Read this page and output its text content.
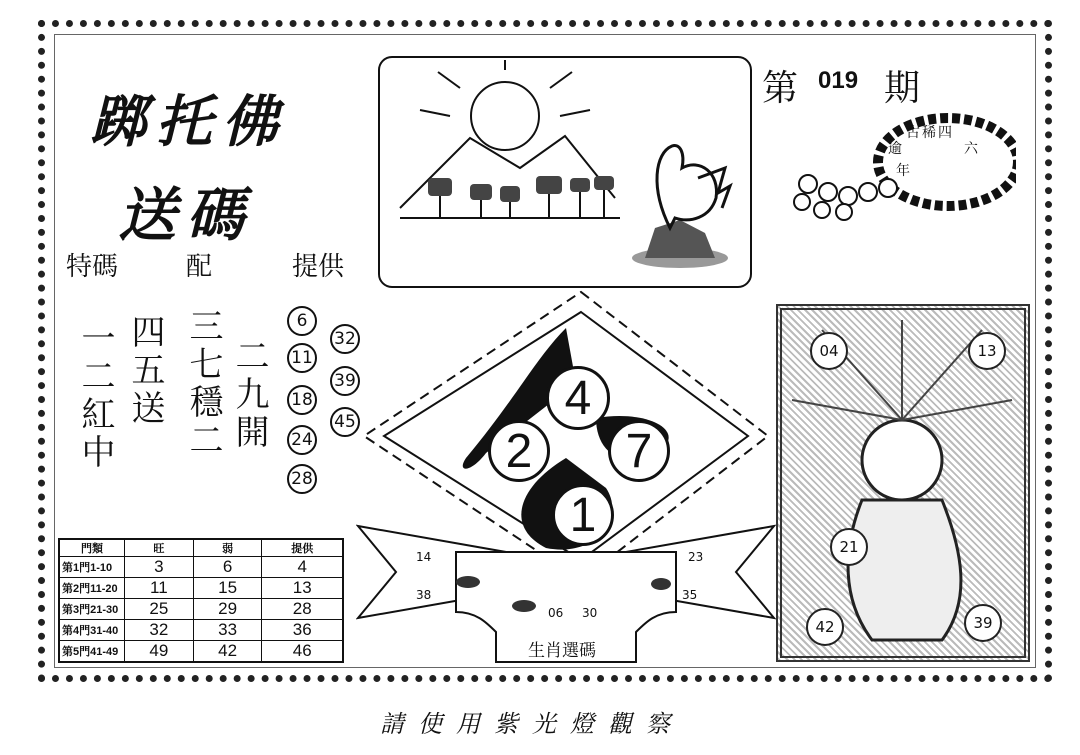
踯托佛
送碼
特碼	配	提供
一二紅中 四五送 三七穩二 二九開
6
11
18
24
28
32
39
45
第 019 期
古 稀 四
六
年
逾
4
2	7
1
14
38
23
35
06 30
生肖選碼
04	13
21
42	39
門類	旺	弱	提供
第1門1-10	3	6	4
第2門11-20	11	15	13
第3門21-30	25	29	28
第4門31-40	32	33	36
第5門41-49	49	42	46
請使用紫光燈觀察
